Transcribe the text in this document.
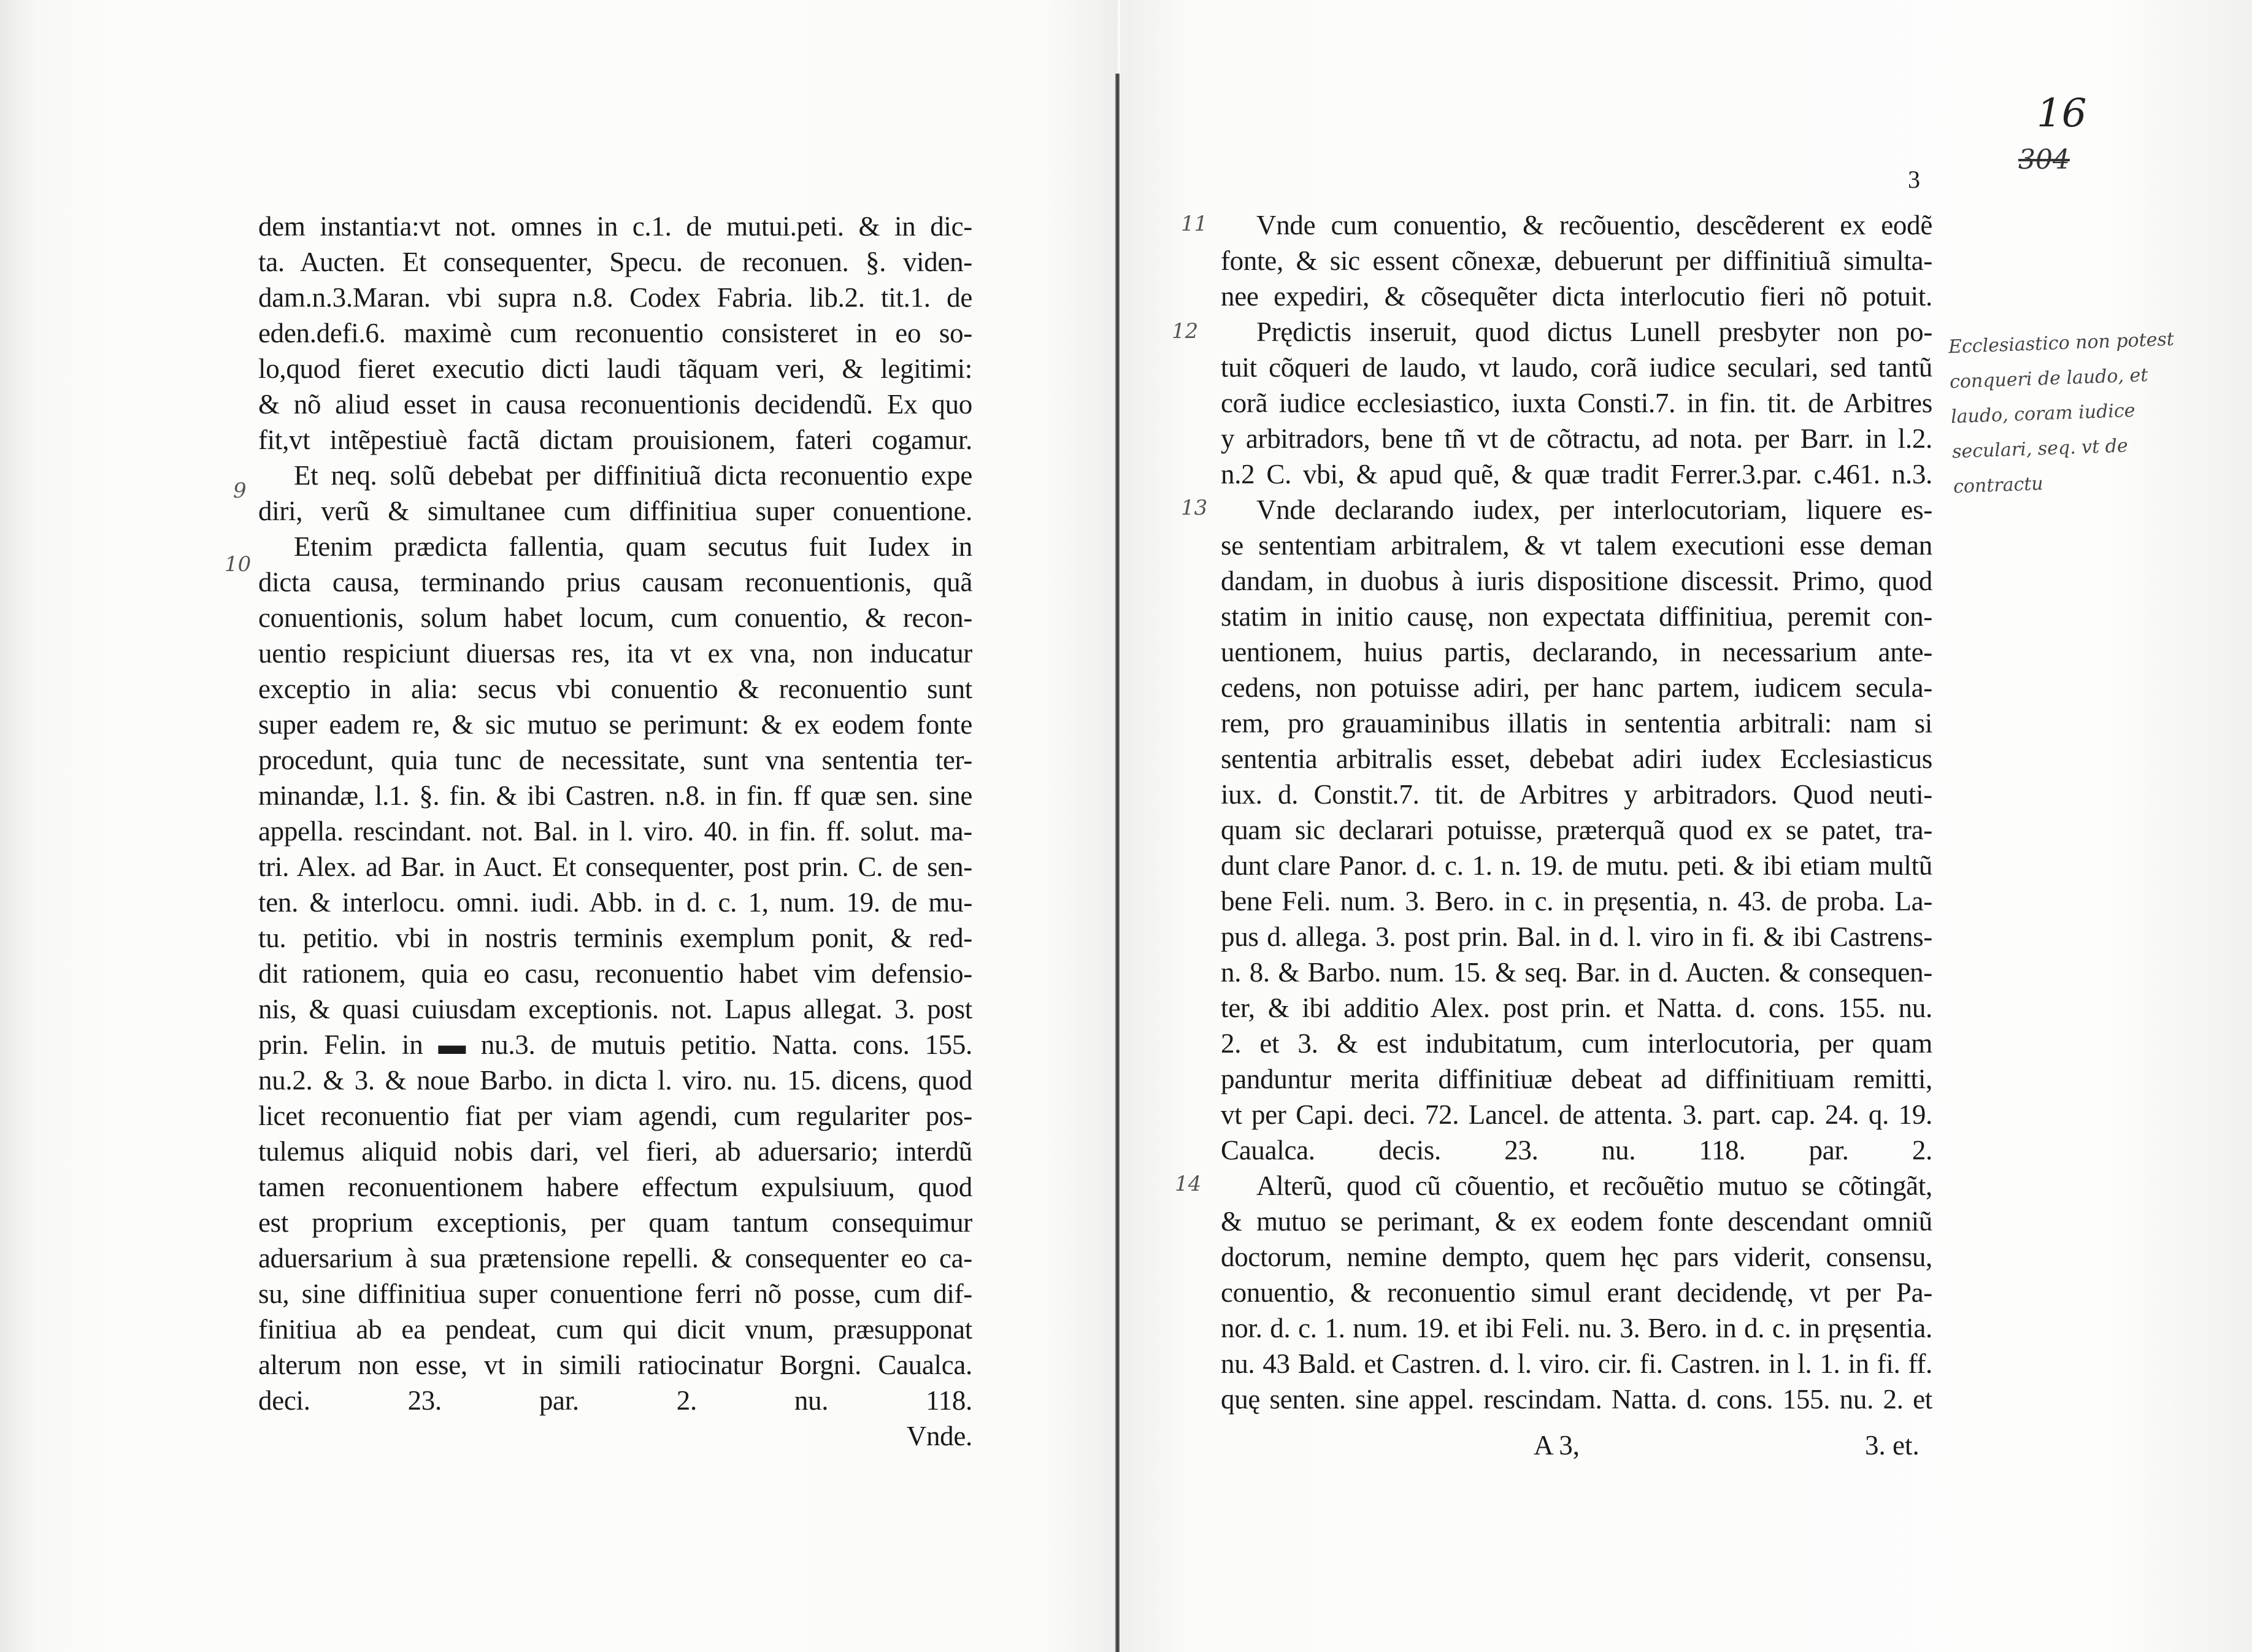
dem instantia:vt not. omnes in c.1. de mutui.peti. & in dic-
ta. Aucten. Et consequenter, Specu. de reconuen. §. viden-
dam.n.3.Maran. vbi supra n.8. Codex Fabria. lib.2. tit.1. de
eden.defi.6. maximè cum reconuentio consisteret in eo so-
lo,quod fieret executio dicti laudi tãquam veri, & legitimi:
& nõ aliud esset in causa reconuentionis decidendũ. Ex quo
fit,vt intẽpestiuè factã dictam prouisionem, fateri cogamur.
Et neq. solũ debebat per diffinitiuã dicta reconuentio expe
diri, verũ & simultanee cum diffinitiua super conuentione.
Etenim prædicta fallentia, quam secutus fuit Iudex in
dicta causa, terminando prius causam reconuentionis, quã
conuentionis, solum habet locum, cum conuentio, & recon-
uentio respiciunt diuersas res, ita vt ex vna, non inducatur
exceptio in alia: secus vbi conuentio & reconuentio sunt
super eadem re, & sic mutuo se perimunt: & ex eodem fonte
procedunt, quia tunc de necessitate, sunt vna sententia ter-
minandæ, l.1. §. fin. & ibi Castren. n.8. in fin. ff quæ sen. sine
appella. rescindant. not. Bal. in l. viro. 40. in fin. ff. solut. ma-
tri. Alex. ad Bar. in Auct. Et consequenter, post prin. C. de sen-
ten. & interlocu. omni. iudi. Abb. in d. c. 1, num. 19. de mu-
tu. petitio. vbi in nostris terminis exemplum ponit, & red-
dit rationem, quia eo casu, reconuentio habet vim defensio-
nis, & quasi cuiusdam exceptionis. not. Lapus allegat. 3. post
prin. Felin. in ▬ nu.3. de mutuis petitio. Natta. cons. 155.
nu.2. & 3. & noue Barbo. in dicta l. viro. nu. 15. dicens, quod
licet reconuentio fiat per viam agendi, cum regulariter pos-
tulemus aliquid nobis dari, vel fieri, ab aduersario; interdũ
tamen reconuentionem habere effectum expulsiuum, quod
est proprium exceptionis, per quam tantum consequimur
aduersarium à sua prætensione repelli. & consequenter eo ca-
su, sine diffinitiua super conuentione ferri nõ posse, cum dif-
finitiua ab ea pendeat, cum qui dicit vnum, præsupponat
alterum non esse, vt in simili ratiocinatur Borgni. Caualca.
deci. 23. par. 2. nu. 118.
Vnde.
Vnde cum conuentio, & recõuentio, descẽderent ex eodẽ
fonte, & sic essent cõnexæ, debuerunt per diffinitiuã simulta-
nee expediri, & cõsequẽter dicta interlocutio fieri nõ potuit.
Prędictis inseruit, quod dictus Lunell presbyter non po-
tuit cõqueri de laudo, vt laudo, corã iudice seculari, sed tantũ
corã iudice ecclesiastico, iuxta Consti.7. in fin. tit. de Arbitres
y arbitradors, bene tñ vt de cõtractu, ad nota. per Barr. in l.2.
n.2 C. vbi, & apud quẽ, & quæ tradit Ferrer.3.par. c.461. n.3.
Vnde declarando iudex, per interlocutoriam, liquere es-
se sententiam arbitralem, & vt talem executioni esse deman
dandam, in duobus à iuris dispositione discessit. Primo, quod
statim in initio causę, non expectata diffinitiua, peremit con-
uentionem, huius partis, declarando, in necessarium ante-
cedens, non potuisse adiri, per hanc partem, iudicem secula-
rem, pro grauaminibus illatis in sententia arbitrali: nam si
sententia arbitralis esset, debebat adiri iudex Ecclesiasticus
iux. d. Constit.7. tit. de Arbitres y arbitradors. Quod neuti-
quam sic declarari potuisse, præterquã quod ex se patet, tra-
dunt clare Panor. d. c. 1. n. 19. de mutu. peti. & ibi etiam multũ
bene Feli. num. 3. Bero. in c. in pręsentia, n. 43. de proba. La-
pus d. allega. 3. post prin. Bal. in d. l. viro in fi. & ibi Castrens-
n. 8. & Barbo. num. 15. & seq. Bar. in d. Aucten. & consequen-
ter, & ibi additio Alex. post prin. et Natta. d. cons. 155. nu.
2. et 3. & est indubitatum, cum interlocutoria, per quam
panduntur merita diffinitiuæ debeat ad diffinitiuam remitti,
vt per Capi. deci. 72. Lancel. de attenta. 3. part. cap. 24. q. 19.
Caualca. decis. 23. nu. 118. par. 2.
Alterũ, quod cũ cõuentio, et recõuẽtio mutuo se cõtingãt,
& mutuo se perimant, & ex eodem fonte descendant omniũ
doctorum, nemine dempto, quem hęc pars viderit, consensu,
conuentio, & reconuentio simul erant decidendę, vt per Pa-
nor. d. c. 1. num. 19. et ibi Feli. nu. 3. Bero. in d. c. in pręsentia.
nu. 43 Bald. et Castren. d. l. viro. cir. fi. Castren. in l. 1. in fi. ff.
quę senten. sine appel. rescindam. Natta. d. cons. 155. nu. 2. et
9
10
11
12
13
14
3
16
304
Ecclesiastico non potest conqueri de laudo, et laudo, coram iudice seculari, seq. vt de contractu
A 3,	3. et.
